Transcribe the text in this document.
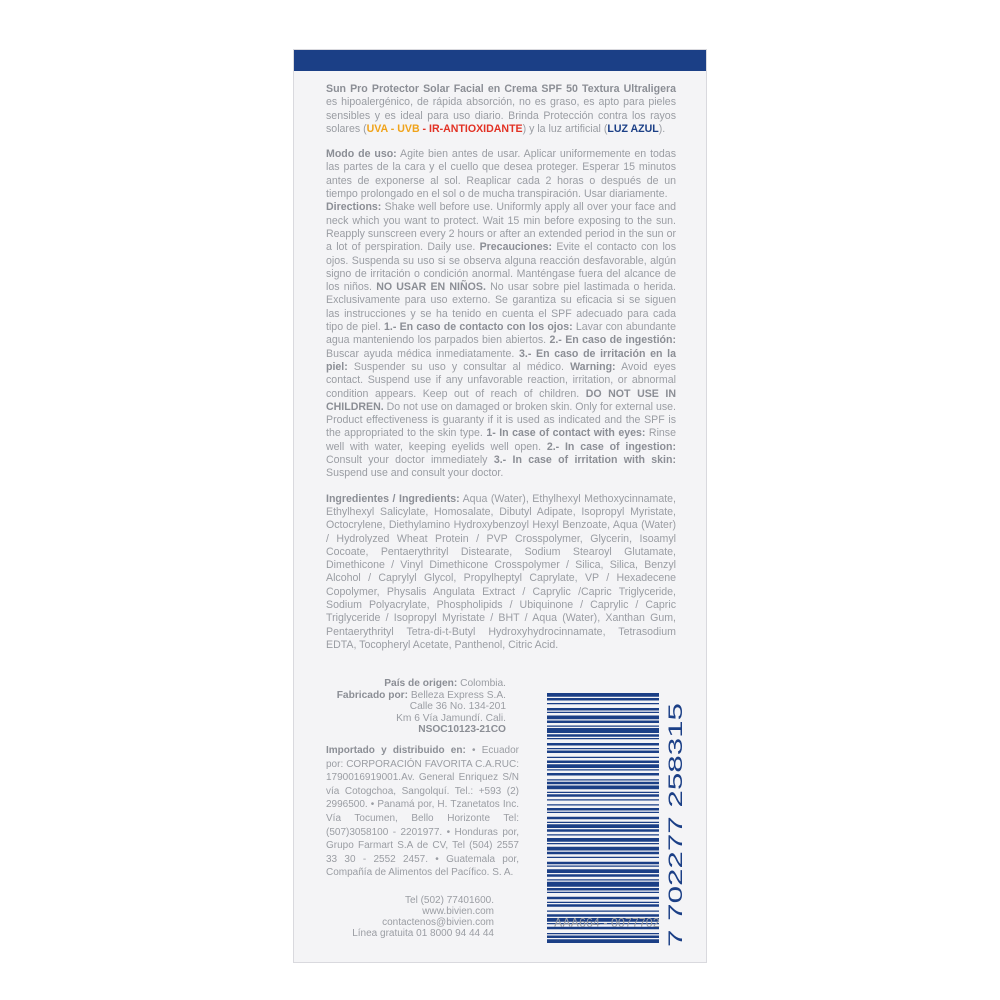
Sun Pro Protector Solar Facial en Crema SPF 50 Textura Ultraligera es hipoalergénico, de rápida absorción, no es graso, es apto para pieles sensibles y es ideal para uso diario. Brinda Protección contra los rayos solares (UVA - UVB - IR-ANTIOXIDANTE) y la luz artificial (LUZ AZUL).

Modo de uso: Agite bien antes de usar. Aplicar uniformemente en todas las partes de la cara y el cuello que desea proteger. Esperar 15 minutos antes de exponerse al sol. Reaplicar cada 2 horas o después de un tiempo prolongado en el sol o de mucha transpiración. Usar diariamente.
Directions: Shake well before use. Uniformly apply all over your face and neck which you want to protect. Wait 15 min before exposing to the sun. Reapply sunscreen every 2 hours or after an extended period in the sun or a lot of perspiration. Daily use. Precauciones: Evite el contacto con los ojos. Suspenda su uso si se observa alguna reacción desfavorable, algún signo de irritación o condición anormal. Manténgase fuera del alcance de los niños. NO USAR EN NIÑOS. No usar sobre piel lastimada o herida. Exclusivamente para uso externo. Se garantiza su eficacia si se siguen las instrucciones y se ha tenido en cuenta el SPF adecuado para cada tipo de piel. 1.- En caso de contacto con los ojos: Lavar con abundante agua manteniendo los parpados bien abiertos. 2.- En caso de ingestión: Buscar ayuda médica inmediatamente. 3.- En caso de irritación en la piel: Suspender su uso y consultar al médico. Warning: Avoid eyes contact. Suspend use if any unfavorable reaction, irritation, or abnormal condition appears. Keep out of reach of children. DO NOT USE IN CHILDREN. Do not use on damaged or broken skin. Only for external use. Product effectiveness is guaranty if it is used as indicated and the SPF is the appropriated to the skin type. 1- In case of contact with eyes: Rinse well with water, keeping eyelids well open. 2.- In case of ingestion: Consult your doctor immediately 3.- In case of irritation with skin: Suspend use and consult your doctor.

Ingredientes / Ingredients: Aqua (Water), Ethylhexyl Methoxycinnamate, Ethylhexyl Salicylate, Homosalate, Dibutyl Adipate, Isopropyl Myristate, Octocrylene, Diethylamino Hydroxybenzoyl Hexyl Benzoate, Aqua (Water) / Hydrolyzed Wheat Protein / PVP Crosspolymer, Glycerin, Isoamyl Cocoate, Pentaerythrityl Distearate, Sodium Stearoyl Glutamate, Dimethicone / Vinyl Dimethicone Crosspolymer / Silica, Silica, Benzyl Alcohol / Caprylyl Glycol, Propylheptyl Caprylate, VP / Hexadecene Copolymer, Physalis Angulata Extract / Caprylic /Capric Triglyceride, Sodium Polyacrylate, Phospholipids / Ubiquinone / Caprylic / Capric Triglyceride / Isopropyl Myristate / BHT / Aqua (Water), Xanthan Gum, Pentaerythrityl Tetra-di-t-Butyl Hydroxyhydrocinnamate, Tetrasodium EDTA, Tocopheryl Acetate, Panthenol, Citric Acid.

País de origen: Colombia.
Fabricado por: Belleza Express S.A.
Calle 36 No. 134-201
Km 6 Vía Jamundí. Cali.
NSOC10123-21CO
Importado y distribuido en: • Ecuador por: CORPORACIÓN FAVORITA C.A.RUC: 1790016919001.Av. General Enriquez S/N vía Cotogchoa, Sangolquí. Tel.: +593 (2) 2996500. • Panamá por, H. Tzanetatos Inc. Vía Tocumen, Bello Horizonte Tel: (507)3058100 - 2201977. • Honduras por, Grupo Farmart S.A de CV, Tel (504) 2557 33 30 - 2552 2457. • Guatemala por, Compañía de Alimentos del Pacífico. S. A.
Tel (502) 77401600.
www.bivien.com
contactenos@bivien.com
Línea gratuita 01 8000 94 44 44	7 702277 258315
AAA664 - 0077702
